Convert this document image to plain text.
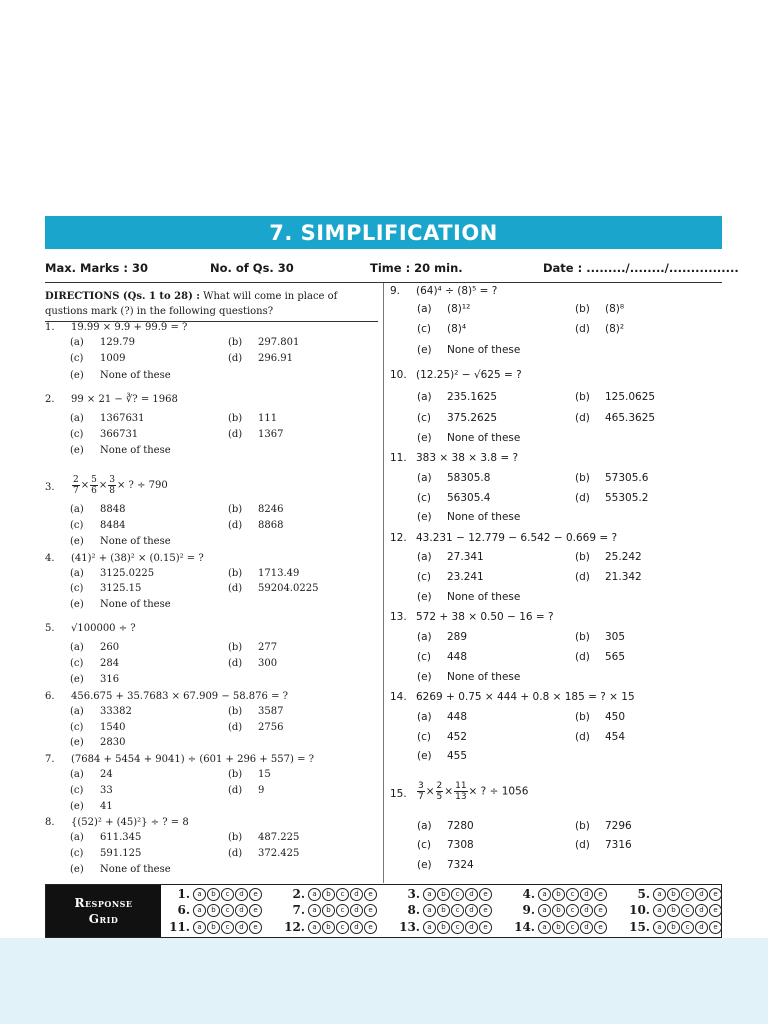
7. SIMPLIFICATION
Max. Marks : 30	No. of Qs. 30	Time : 20 min.	Date : ........./......../................
DIRECTIONS (Qs. 1 to 28) : What will come in place of qustions mark (?) in the following questions?
1. 19.99 × 9.9 + 99.9 = ?
(a) 129.79	(b) 297.801
(c) 1009	(d) 296.91
(e) None of these
2. 99 × 21 − ∛? = 1968
(a) 1367631	(b) 111
(c) 366731	(d) 1367
(e) None of these
3. $\frac{2}{7} \times \frac{5}{6} \times \frac{3}{8}$ × ? ÷ 790
(a) 8848	(b) 8246
(c) 8484	(d) 8868
(e) None of these
4. (41)² + (38)² × (0.15)² = ?
(a) 3125.0225	(b) 1713.49
(c) 3125.15	(d) 59204.0225
(e) None of these
5. √100000 ÷ ?
(a) 260	(b) 277
(c) 284	(d) 300
(e) 316
6. 456.675 + 35.7683 × 67.909 − 58.876 = ?
(a) 33382	(b) 3587
(c) 1540	(d) 2756
(e) 2830
7. (7684 + 5454 + 9041) ÷ (601 + 296 + 557) = ?
(a) 24	(b) 15
(c) 33	(d) 9
(e) 41
8. {(52)² + (45)²} ÷ ? = 8
(a) 611.345	(b) 487.225
(c) 591.125	(d) 372.425
(e) None of these
9. (64)⁴ ÷ (8)⁵ = ?
(a) (8)¹²	(b) (8)⁸
(c) (8)⁴	(d) (8)²
(e) None of these
10. (12.25)² − √625 = ?
(a) 235.1625	(b) 125.0625
(c) 375.2625	(d) 465.3625
(e) None of these
11. 383 × 38 × 3.8 = ?
(a) 58305.8	(b) 57305.6
(c) 56305.4	(d) 55305.2
(e) None of these
12. 43.231 − 12.779 − 6.542 − 0.669 = ?
(a) 27.341	(b) 25.242
(c) 23.241	(d) 21.342
(e) None of these
13. 572 + 38 × 0.50 − 16 = ?
(a) 289	(b) 305
(c) 448	(d) 565
(e) None of these
14. 6269 + 0.75 × 444 + 0.8 × 185 = ? × 15
(a) 448	(b) 450
(c) 452	(d) 454
(e) 455
15. $\frac{3}{7} \times \frac{2}{5} \times \frac{11}{13}$ × ? ÷ 1056
(a) 7280	(b) 7296
(c) 7308	(d) 7316
(e) 7324
Response
Grid
1.	a	b	c	d	e	2.	a	b	c	d	e	3.	a	b	c	d	e	4.	a	b	c	d	e	5.	a	b	c	d	e
6.	a	b	c	d	e	7.	a	b	c	d	e	8.	a	b	c	d	e	9.	a	b	c	d	e	10.	a	b	c	d	e
11.	a	b	c	d	e	12.	a	b	c	d	e	13.	a	b	c	d	e	14.	a	b	c	d	e	15.	a	b	c	d	e
